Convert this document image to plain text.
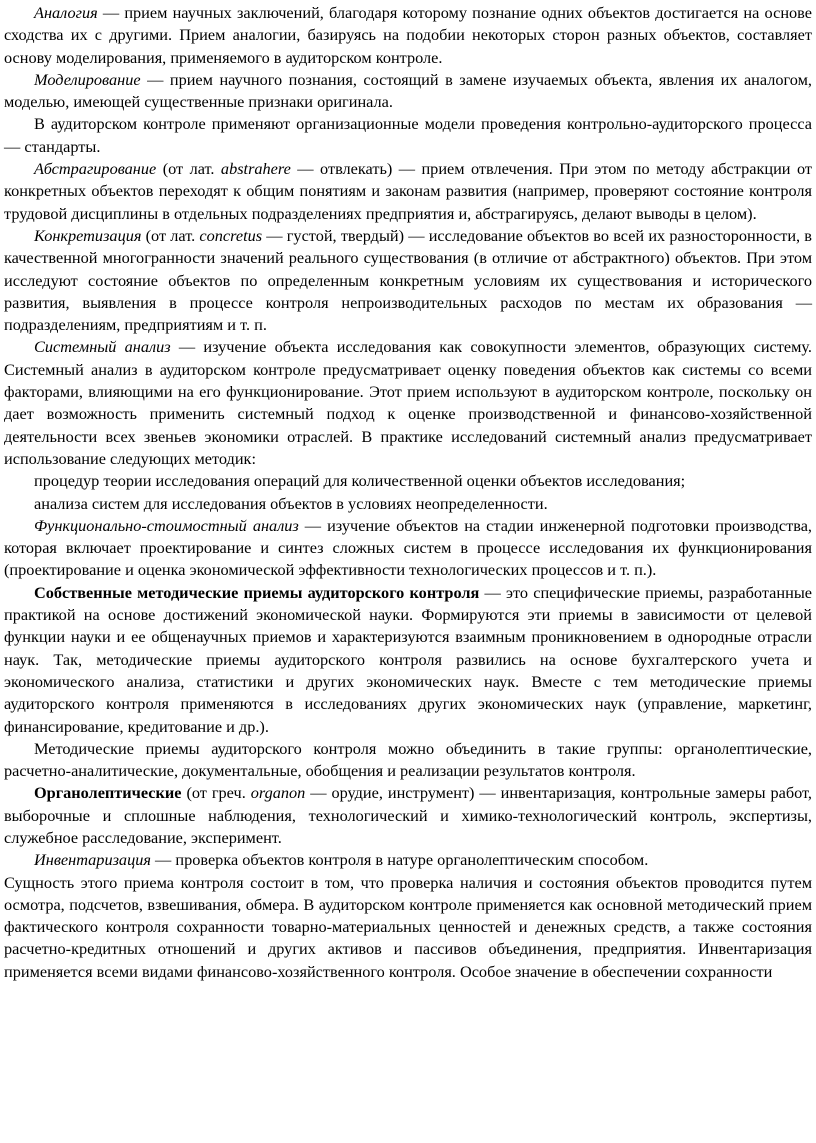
Аналогия — прием научных заключений, благодаря которому познание одних объектов достигается на основе сходства их с другими. Прием аналогии, базируясь на подобии некоторых сторон разных объектов, составляет основу моделирования, применяемого в аудиторском контроле.

Моделирование — прием научного познания, состоящий в замене изучаемых объекта, явления их аналогом, моделью, имеющей существенные признаки оригинала.

В аудиторском контроле применяют организационные модели проведения контрольно-аудиторского процесса — стандарты.

Абстрагирование (от лат. abstrahere — отвлекать) — прием отвлечения. При этом по методу абстракции от конкретных объектов переходят к общим понятиям и законам развития (например, проверяют состояние контроля трудовой дисциплины в отдельных подразделениях предприятия и, абстрагируясь, делают выводы в целом).

Конкретизация (от лат. concretus — густой, твердый) — исследование объектов во всей их разносторонности, в качественной многогранности значений реального существования (в отличие от абстрактного) объектов. При этом исследуют состояние объектов по определенным конкретным условиям их существования и исторического развития, выявления в процессе контроля непроизводительных расходов по местам их образования — подразделениям, предприятиям и т. п.

Системный анализ — изучение объекта исследования как совокупности элементов, образующих систему. Системный анализ в аудиторском контроле предусматривает оценку поведения объектов как системы со всеми факторами, влияющими на его функционирование. Этот прием используют в аудиторском контроле, поскольку он дает возможность применить системный подход к оценке производственной и финансово-хозяйственной деятельности всех звеньев экономики отраслей. В практике исследований системный анализ предусматривает использование следующих методик:

процедур теории исследования операций для количественной оценки объектов исследования;

анализа систем для исследования объектов в условиях неопределенности.

Функционально-стоимостный анализ — изучение объектов на стадии инженерной подготовки производства, которая включает проектирование и синтез сложных систем в процессе исследования их функционирования (проектирование и оценка экономической эффективности технологических процессов и т. п.).

Собственные методические приемы аудиторского контроля — это специфические приемы, разработанные практикой на основе достижений экономической науки. Формируются эти приемы в зависимости от целевой функции науки и ее общенаучных приемов и характеризуются взаимным проникновением в однородные отрасли наук. Так, методические приемы аудиторского контроля развились на основе бухгалтерского учета и экономического анализа, статистики и других экономических наук. Вместе с тем методические приемы аудиторского контроля применяются в исследованиях других экономических наук (управление, маркетинг, финансирование, кредитование и др.).

Методические приемы аудиторского контроля можно объединить в такие группы: органолептические, расчетно-аналитические, документальные, обобщения и реализации результатов контроля.

Органолептические (от греч. organon — орудие, инструмент) — инвентаризация, контрольные замеры работ, выборочные и сплошные наблюдения, технологический и химико-технологический контроль, экспертизы, служебное расследование, эксперимент.

Инвентаризация — проверка объектов контроля в натуре органолептическим способом.

Сущность этого приема контроля состоит в том, что проверка наличия и состояния объектов проводится путем осмотра, подсчетов, взвешивания, обмера. В аудиторском контроле применяется как основной методический прием фактического контроля сохранности товарно-материальных ценностей и денежных средств, а также состояния расчетно-кредитных отношений и других активов и пассивов объединения, предприятия. Инвентаризация применяется всеми видами финансово-хозяйственного контроля. Особое значение в обеспечении сохранности
